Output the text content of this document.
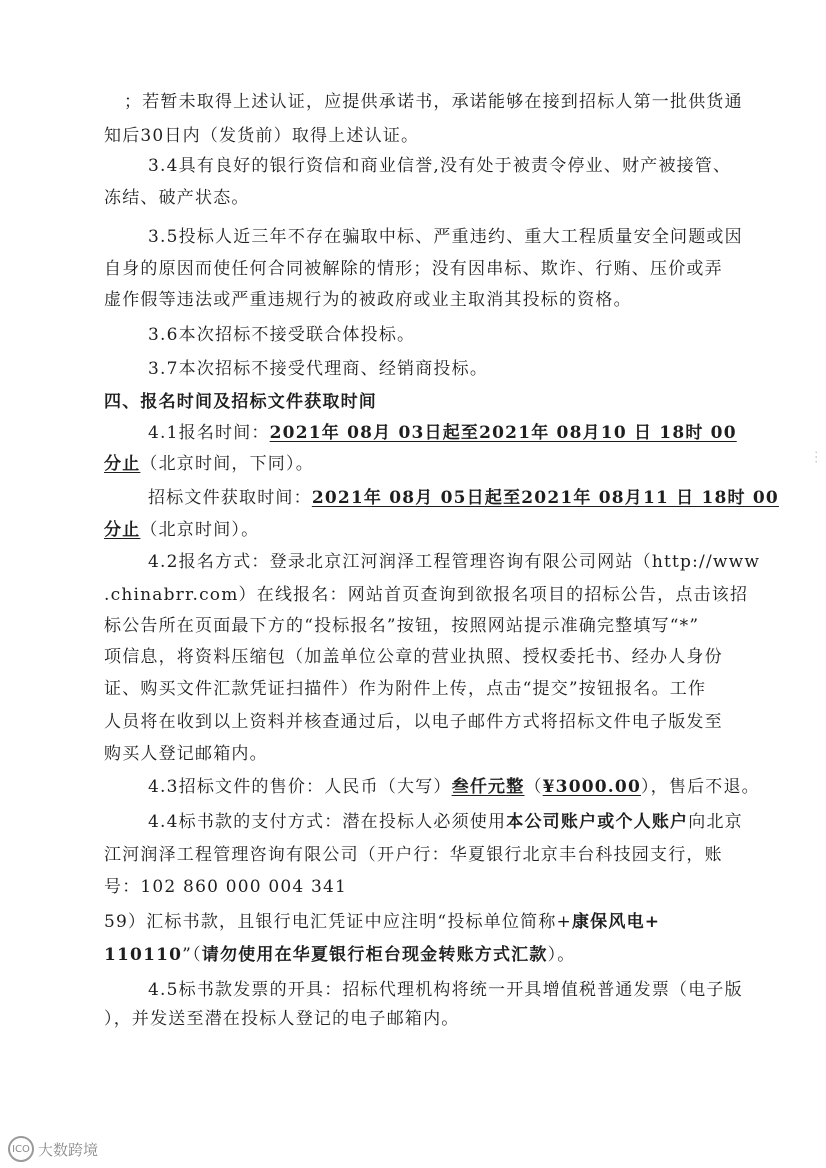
；若暂未取得上述认证，应提供承诺书，承诺能够在接到招标人第一批供货通
知后30日内（发货前）取得上述认证。
3.4具有良好的银行资信和商业信誉,没有处于被责令停业、财产被接管、
冻结、破产状态。
3.5投标人近三年不存在骗取中标、严重违约、重大工程质量安全问题或因
自身的原因而使任何合同被解除的情形；没有因串标、欺诈、行贿、压价或弄
虚作假等违法或严重违规行为的被政府或业主取消其投标的资格。
3.6本次招标不接受联合体投标。
3.7本次招标不接受代理商、经销商投标。
四、报名时间及招标文件获取时间
4.1报名时间：2021年 08月 03日起至2021年 08月10 日 18时 00
分止（北京时间，下同）。
招标文件获取时间：2021年 08月 05日起至2021年 08月11 日 18时 00
分止（北京时间）。
4.2报名方式：登录北京江河润泽工程管理咨询有限公司网站（http://www
.chinabrr.com）在线报名：网站首页查询到欲报名项目的招标公告，点击该招
标公告所在页面最下方的“投标报名”按钮，按照网站提示准确完整填写“*”
项信息，将资料压缩包（加盖单位公章的营业执照、授权委托书、经办人身份
证、购买文件汇款凭证扫描件）作为附件上传，点击“提交”按钮报名。工作
人员将在收到以上资料并核查通过后，以电子邮件方式将招标文件电子版发至
购买人登记邮箱内。
4.3招标文件的售价：人民币（大写）叁仟元整（¥3000.00），售后不退。
4.4标书款的支付方式：潜在投标人必须使用本公司账户或个人账户向北京
江河润泽工程管理咨询有限公司（开户行：华夏银行北京丰台科技园支行，账
号：102 860 000 004 341
59）汇标书款，且银行电汇凭证中应注明“投标单位简称+康保风电+
110110”（请勿使用在华夏银行柜台现金转账方式汇款）。
4.5标书款发票的开具：招标代理机构将统一开具增值税普通发票（电子版
），并发送至潜在投标人登记的电子邮箱内。
⋯
ICO 大数跨境
